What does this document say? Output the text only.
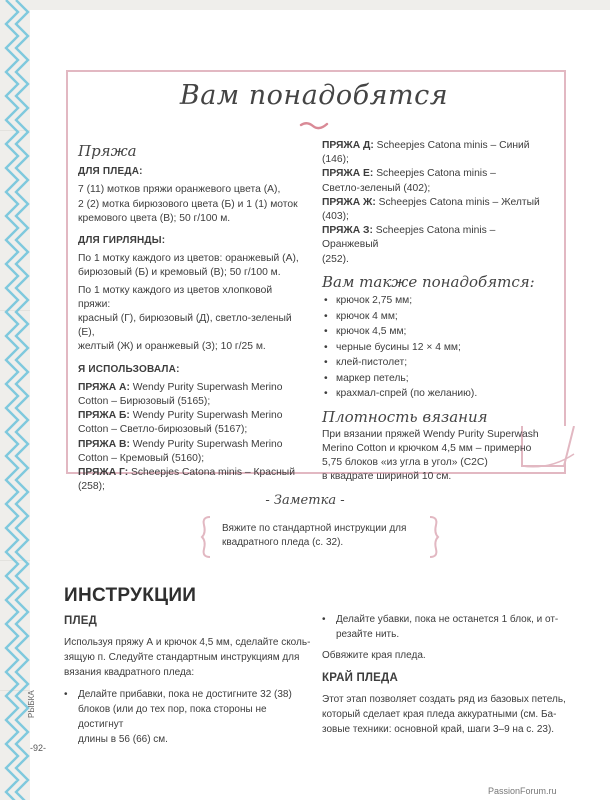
Вам понадобятся

Пряжа

ДЛЯ ПЛЕДА:

7 (11) мотков пряжи оранжевого цвета (А),

2 (2) мотка бирюзового цвета (Б) и 1 (1) моток

кремового цвета (В); 50 г/100 м.

ДЛЯ ГИРЛЯНДЫ:

По 1 мотку каждого из цветов: оранжевый (А),

бирюзовый (Б) и кремовый (В); 50 г/100 м.

По 1 мотку каждого из цветов хлопковой пряжи:

красный (Г), бирюзовый (Д), светло-зеленый (Е),

желтый (Ж) и оранжевый (З); 10 г/25 м.

Я ИСПОЛЬЗОВАЛА:

ПРЯЖА А: Wendy Purity Superwash Merino

Cotton – Бирюзовый (5165);

ПРЯЖА Б: Wendy Purity Superwash Merino

Cotton – Светло-бирюзовый (5167);

ПРЯЖА В: Wendy Purity Superwash Merino

Cotton – Кремовый (5160);

ПРЯЖА Г: Scheepjes Catona minis – Красный

(258);

ПРЯЖА Д: Scheepjes Catona minis – Синий (146);

ПРЯЖА Е: Scheepjes Catona minis –

Светло-зеленый (402);

ПРЯЖА Ж: Scheepjes Catona minis – Желтый

(403);

ПРЯЖА З: Scheepjes Catona minis – Оранжевый

(252).

Вам также понадобятся:

• крючок 2,75 мм;
• крючок 4 мм;
• крючок 4,5 мм;
• черные бусины 12 × 4 мм;
• клей-пистолет;
• маркер петель;
• крахмал-спрей (по желанию).

Плотность вязания

При вязании пряжей Wendy Purity Superwash

Merino Cotton и крючком 4,5 мм – примерно

5,75 блоков «из угла в угол» (С2С)

в квадрате шириной 10 см.

- Заметка -
Вяжите по стандартной инструкции для
квадратного пледа (с. 32).
ИНСТРУКЦИИ

ПЛЕД

Используя пряжу А и крючок 4,5 мм, сделайте сколь-

зящую п. Следуйте стандартным инструкциям для

вязания квадратного пледа:

• Делайте прибавки, пока не достигните 32 (38)

блоков (или до тех пор, пока стороны не достигнут

длины в 56 (66) см.

• Делайте убавки, пока не останется 1 блок, и от-

резайте нить.

Обвяжите края пледа.

КРАЙ ПЛЕДА

Этот этап позволяет создать ряд из базовых петель,

который сделает края пледа аккуратными (см. Ба-

зовые техники: основной край, шаги 3–9 на с. 23).

РЫБКА
-92-
PassionForum.ru
